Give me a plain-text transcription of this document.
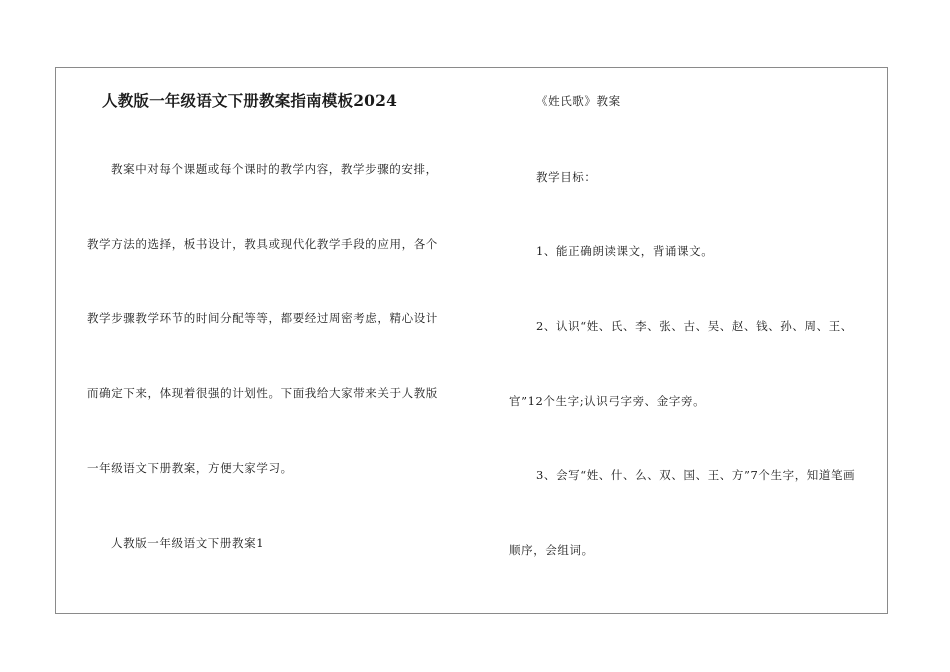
人教版一年级语文下册教案指南模板2024
教案中对每个课题或每个课时的教学内容，教学步骤的安排，
教学方法的选择，板书设计，教具或现代化教学手段的应用，各个
教学步骤教学环节的时间分配等等，都要经过周密考虑，精心设计
而确定下来，体现着很强的计划性。下面我给大家带来关于人教版
一年级语文下册教案，方便大家学习。
人教版一年级语文下册教案1
《姓氏歌》教案
教学目标：
1、能正确朗读课文，背诵课文。
2、认识“姓、氏、李、张、古、吴、赵、钱、孙、周、王、
官”12个生字;认识弓字旁、金字旁。
3、会写“姓、什、么、双、国、王、方”7个生字，知道笔画
顺序，会组词。
